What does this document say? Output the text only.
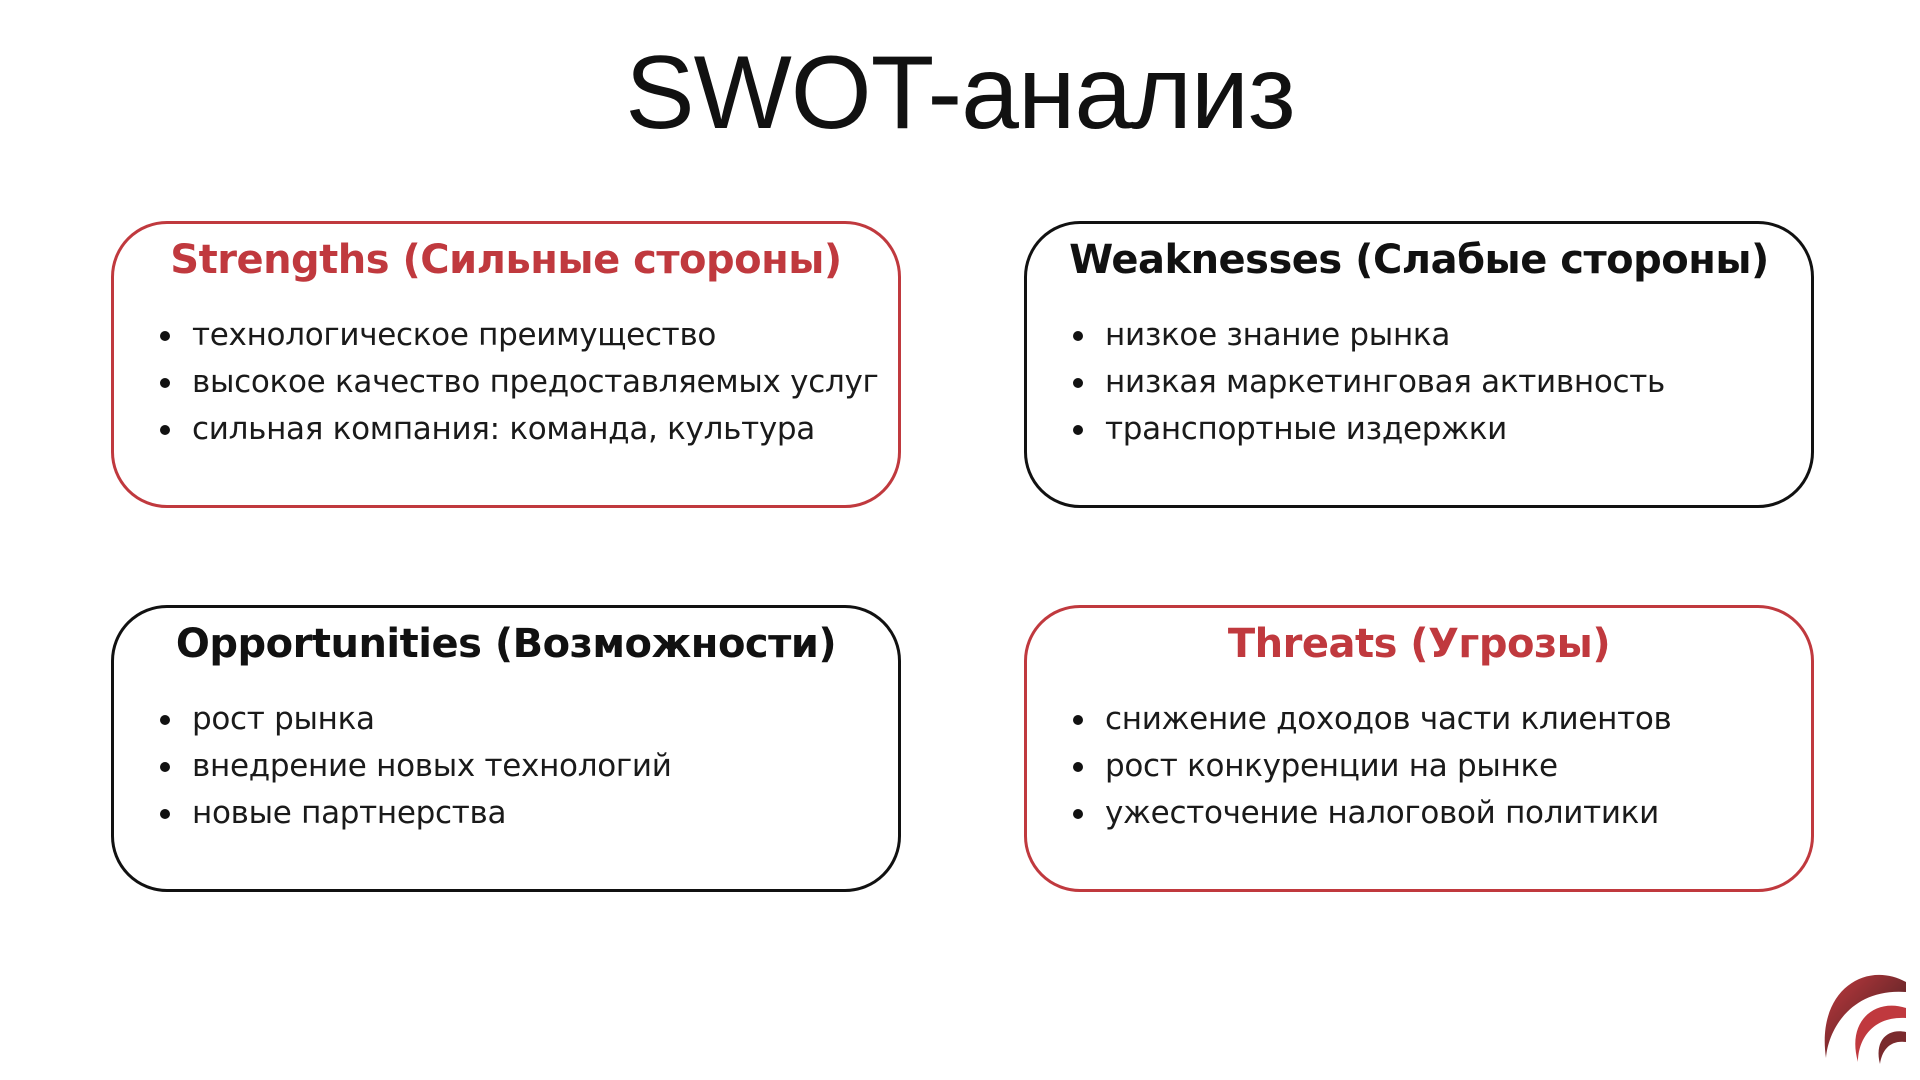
SWOT-анализ
Strengths (Сильные стороны)
технологическое преимущество
высокое качество предоставляемых услуг
сильная компания: команда, культура
Weaknesses (Слабые стороны)
низкое знание рынка
низкая маркетинговая активность
транспортные издержки
Opportunities (Возможности)
рост рынка
внедрение новых технологий
новые партнерства
Threats (Угрозы)
снижение доходов части клиентов
рост конкуренции на рынке
ужесточение налоговой политики
